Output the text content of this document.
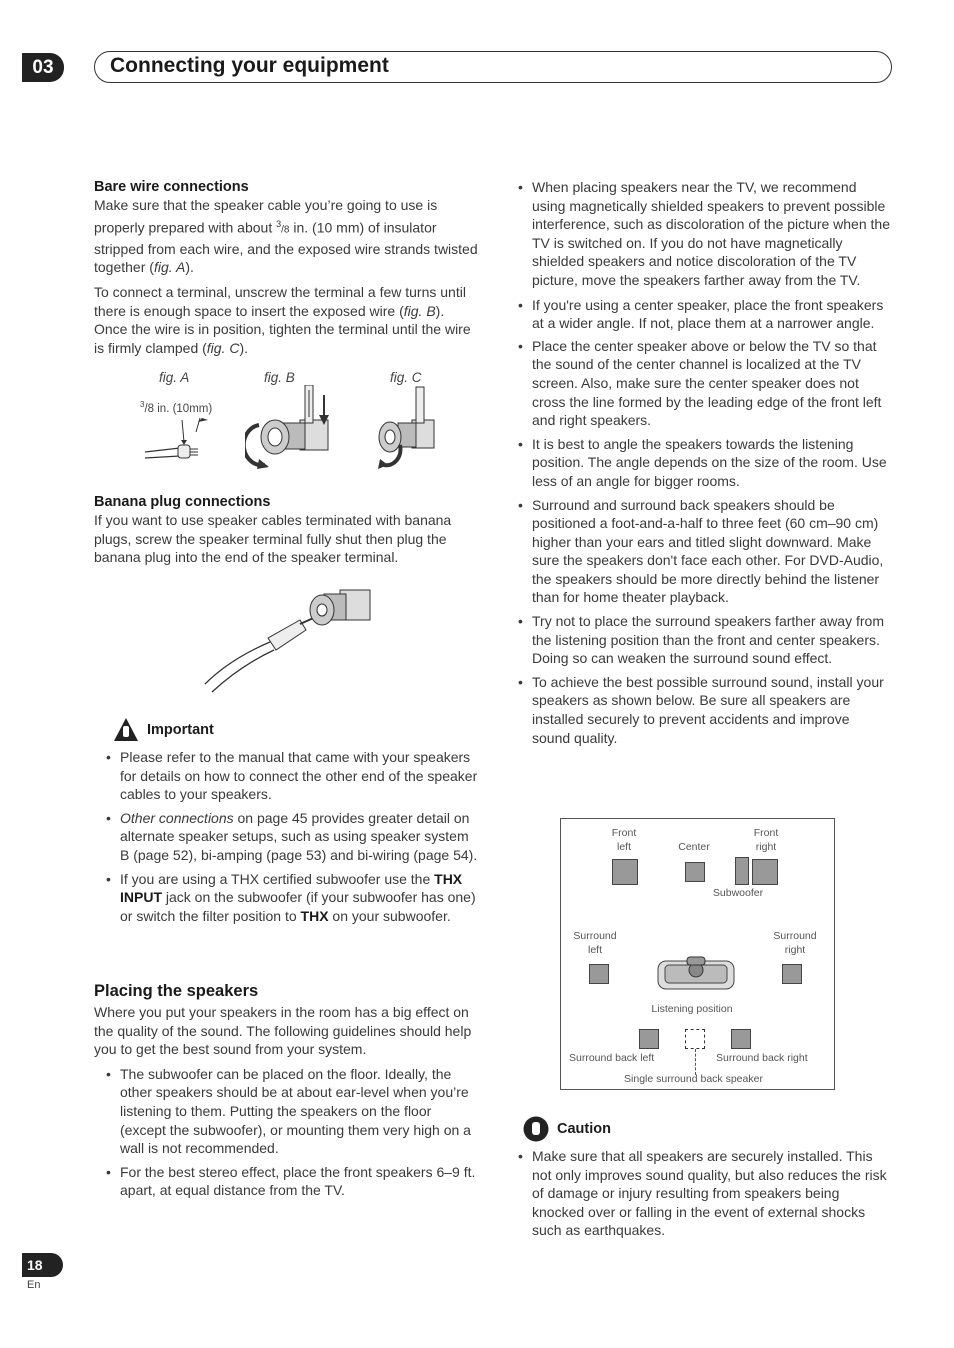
03	Connecting your equipment
Bare wire connections

Make sure that the speaker cable you’re going to use is properly prepared with about $^3$/8 in. (10 mm) of insulator stripped from each wire, and the exposed wire strands twisted together (fig. A).

To connect a terminal, unscrew the terminal a few turns until there is enough space to insert the exposed wire (fig. B). Once the wire is in position, tighten the terminal until the wire is firmly clamped (fig. C).

fig. A	fig. B	fig. C
$^3$/8 in. (10mm)
Banana plug connections

If you want to use speaker cables terminated with banana plugs, screw the speaker terminal fully shut then plug the banana plug into the end of the speaker terminal.

Important
• Please refer to the manual that came with your speakers for details on how to connect the other end of the speaker cables to your speakers.
• Other connections on page 45 provides greater detail on alternate speaker setups, such as using speaker system B (page 52), bi-amping (page 53) and bi-wiring (page 54).
• If you are using a THX certified subwoofer use the THX INPUT jack on the subwoofer (if your subwoofer has one) or switch the filter position to THX on your subwoofer.
Placing the speakers

Where you put your speakers in the room has a big effect on the quality of the sound. The following guidelines should help you to get the best sound from your system.

• The subwoofer can be placed on the floor. Ideally, the other speakers should be at about ear-level when you’re listening to them. Putting the speakers on the floor (except the subwoofer), or mounting them very high on a wall is not recommended.
• For the best stereo effect, place the front speakers 6–9 ft. apart, at equal distance from the TV.
• When placing speakers near the TV, we recommend using magnetically shielded speakers to prevent possible interference, such as discoloration of the picture when the TV is switched on. If you do not have magnetically shielded speakers and notice discoloration of the TV picture, move the speakers farther away from the TV.
• If you're using a center speaker, place the front speakers at a wider angle. If not, place them at a narrower angle.
• Place the center speaker above or below the TV so that the sound of the center channel is localized at the TV screen. Also, make sure the center speaker does not cross the line formed by the leading edge of the front left and right speakers.
• It is best to angle the speakers towards the listening position. The angle depends on the size of the room. Use less of an angle for bigger rooms.
• Surround and surround back speakers should be positioned a foot-and-a-half to three feet (60 cm–90 cm) higher than your ears and titled slight downward. Make sure the speakers don't face each other. For DVD-Audio, the speakers should be more directly behind the listener than for home theater playback.
• Try not to place the surround speakers farther away from the listening position than the front and center speakers. Doing so can weaken the surround sound effect.
• To achieve the best possible surround sound, install your speakers as shown below. Be sure all speakers are installed securely to prevent accidents and improve sound quality.
Front
left	Center
Front
right
Subwoofer
Surround
left
Surround
right
Listening position
Surround back left	Surround back right
Single surround back speaker
Caution
• Make sure that all speakers are securely installed. This not only improves sound quality, but also reduces the risk of damage or injury resulting from speakers being knocked over or falling in the event of external shocks such as earthquakes.
18
En
